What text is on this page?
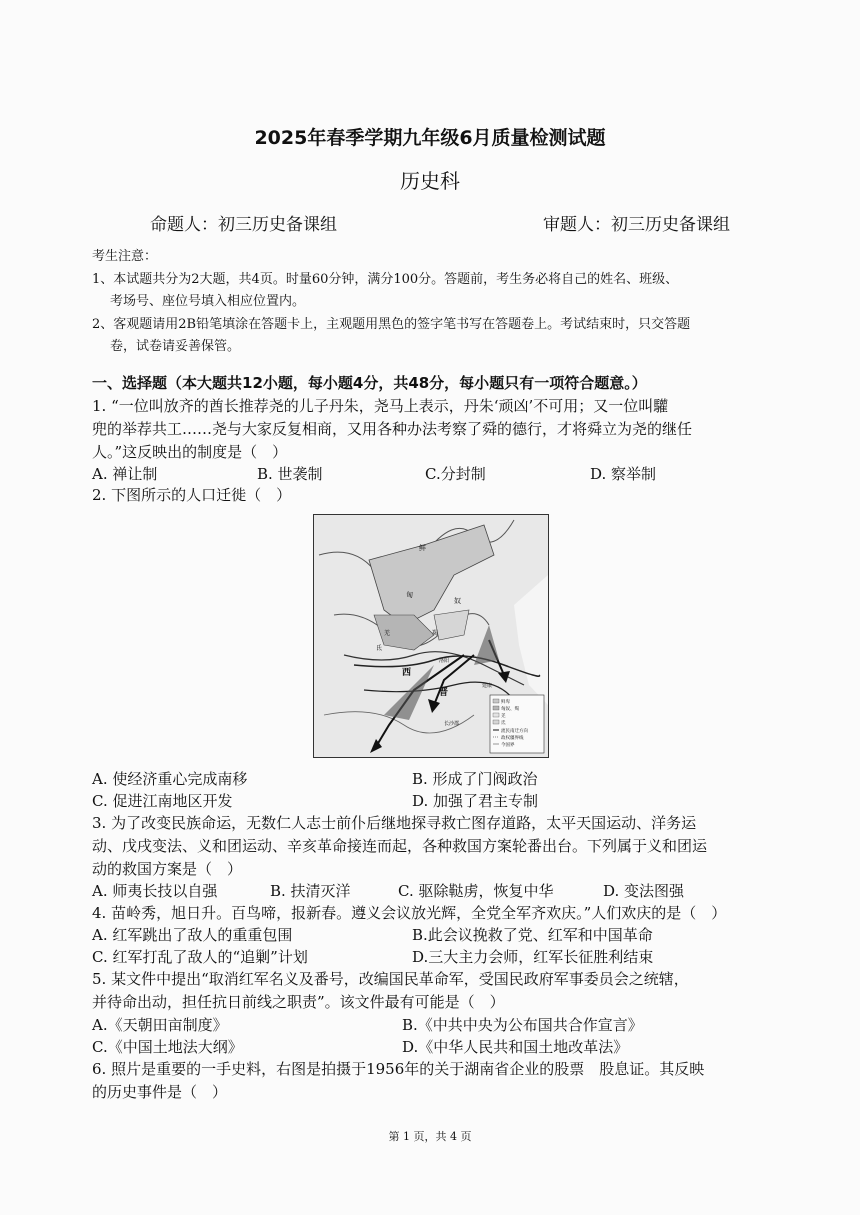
2025年春季学期九年级6月质量检测试题
历史科
命题人：初三历史备课组	审题人：初三历史备课组
考生注意：
1、本试题共分为2大题，共4页。时量60分钟，满分100分。答题前，考生务必将自己的姓名、班级、
考场号、座位号填入相应位置内。
2、客观题请用2B铅笔填涂在答题卡上，主观题用黑色的签字笔书写在答题卷上。考试结束时，只交答题
卷，试卷请妥善保管。
一、选择题（本大题共12小题，每小题4分，共48分，每小题只有一项符合题意。）
1. “一位叫放齐的酋长推荐尧的儿子丹朱，尧马上表示，丹朱‘顽凶’不可用；又一位叫驩
兜的举荐共工……尧与大家反复相商，又用各种办法考察了舜的德行，才将舜立为尧的继任
人。”这反映出的制度是（　）
A. 禅让制	B. 世袭制	C.分封制	D. 察举制
2. 下图所示的人口迁徙（　）
鲜卑
匈奴、羯
羌
氐
流民南迁方向
政权疆界线
今国界
鲜
匈
奴
羯
羌
氐
西
晋
洛阳
建康
长沙郡
A. 使经济重心完成南移	B. 形成了门阀政治
C. 促进江南地区开发	D. 加强了君主专制
3. 为了改变民族命运，无数仁人志士前仆后继地探寻救亡图存道路，太平天国运动、洋务运
动、戊戌变法、义和团运动、辛亥革命接连而起，各种救国方案轮番出台。下列属于义和团运
动的救国方案是（　）
A. 师夷长技以自强	B. 扶清灭洋	C. 驱除鞑虏，恢复中华	D. 变法图强
4. 苗岭秀，旭日升。百鸟啼，报新春。遵义会议放光辉，全党全军齐欢庆。”人们欢庆的是（　）
A. 红军跳出了敌人的重重包围	B.此会议挽救了党、红军和中国革命
C. 红军打乱了敌人的“追剿”计划	D.三大主力会师，红军长征胜利结束
5. 某文件中提出“取消红军名义及番号，改编国民革命军，受国民政府军事委员会之统辖，
并待命出动，担任抗日前线之职责”。该文件最有可能是（　）
A.《天朝田亩制度》	B.《中共中央为公布国共合作宣言》
C.《中国土地法大纲》	D.《中华人民共和国土地改革法》
6. 照片是重要的一手史料，右图是拍摄于1956年的关于湖南省企业的股票　股息证。其反映
的历史事件是（　）
第 1 页，共 4 页
